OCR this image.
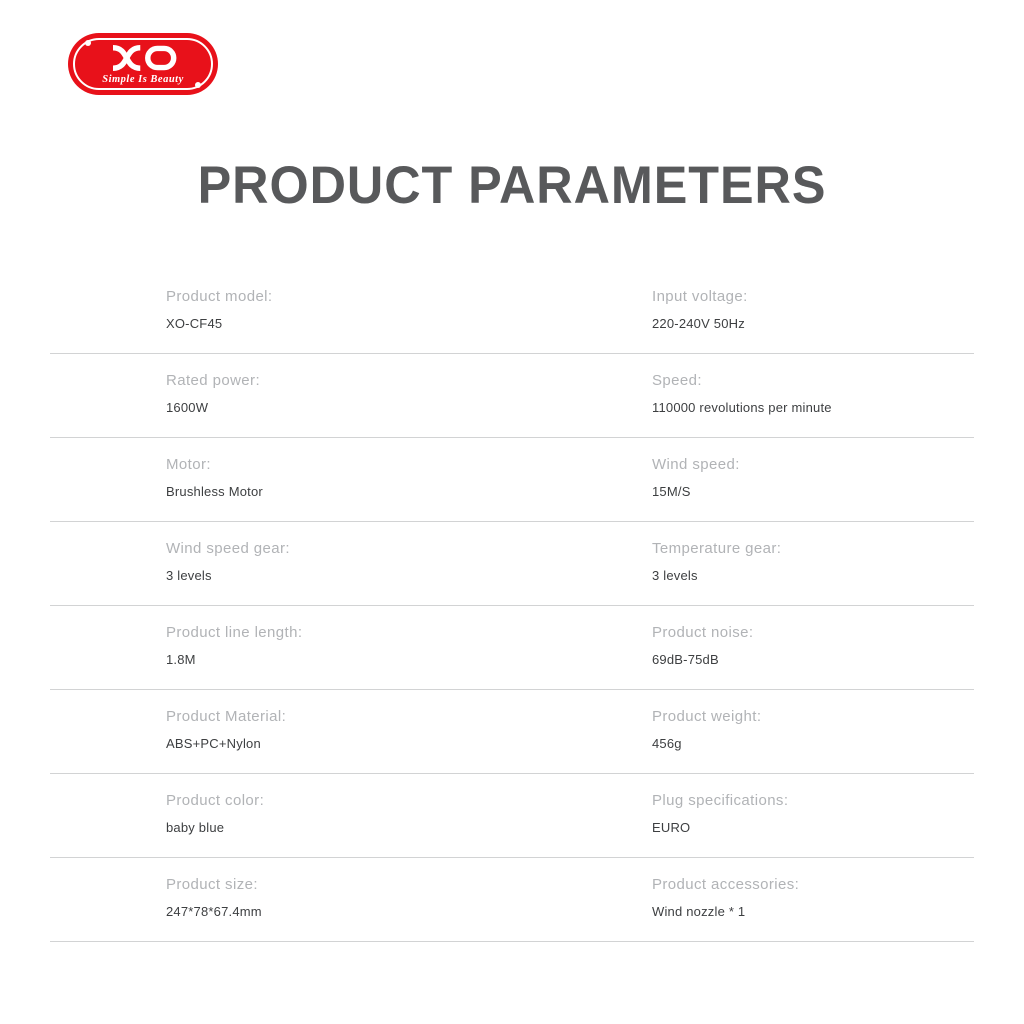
Simple Is Beauty
PRODUCT PARAMETERS
Product model:
XO-CF45
Input voltage:
220-240V 50Hz
Rated power:
1600W
Speed:
110000 revolutions per minute
Motor:
Brushless Motor
Wind speed:
15M/S
Wind speed gear:
3 levels
Temperature gear:
3 levels
Product line length:
1.8M
Product noise:
69dB-75dB
Product Material:
ABS+PC+Nylon
Product weight:
456g
Product color:
baby blue
Plug specifications:
EURO
Product size:
247*78*67.4mm
Product accessories:
Wind nozzle * 1
